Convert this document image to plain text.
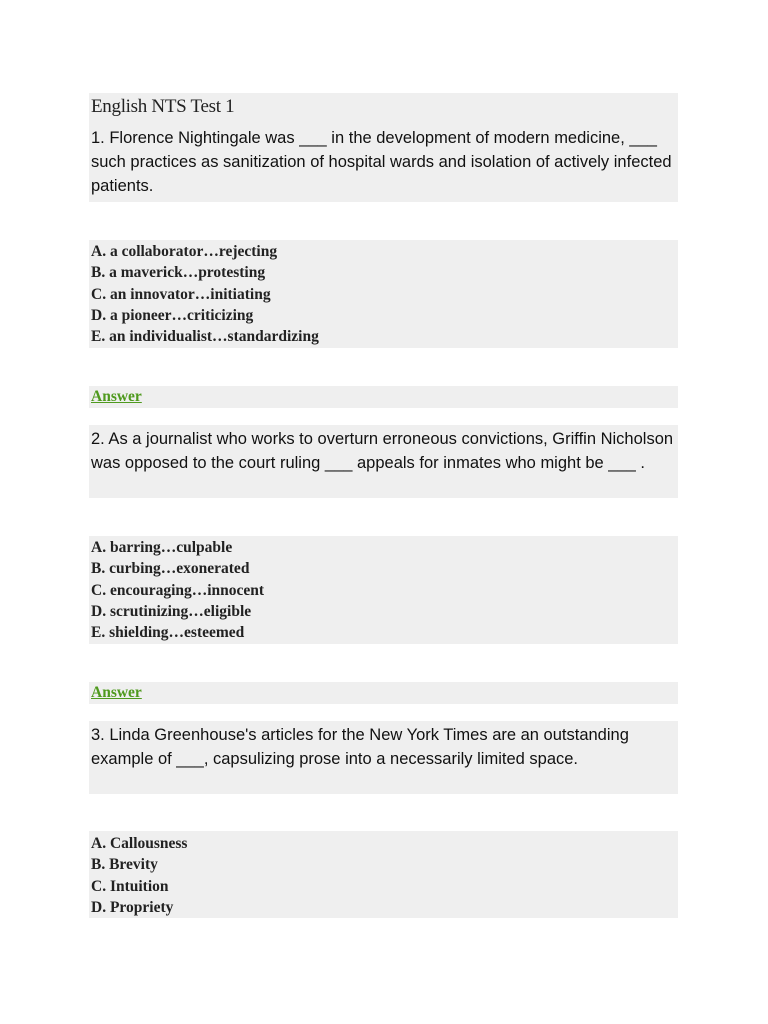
English NTS Test 1
1. Florence Nightingale was ___ in the development of modern medicine, ___ such practices as sanitization of hospital wards and isolation of actively infected patients.
A. a collaborator…rejecting
B. a maverick…protesting
C. an innovator…initiating
D. a pioneer…criticizing
E. an individualist…standardizing
Answer
2. As a journalist who works to overturn erroneous convictions, Griffin Nicholson was opposed to the court ruling ___ appeals for inmates who might be ___ .
A. barring…culpable
B. curbing…exonerated
C. encouraging…innocent
D. scrutinizing…eligible
E. shielding…esteemed
Answer
3. Linda Greenhouse's articles for the New York Times are an outstanding example of ___, capsulizing prose into a necessarily limited space.
A. Callousness
B. Brevity
C. Intuition
D. Propriety
